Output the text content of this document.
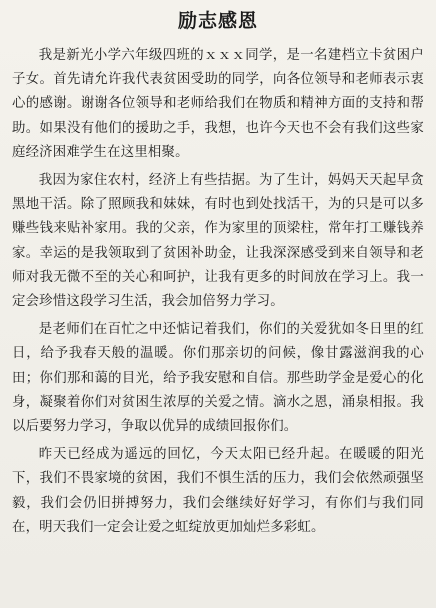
励志感恩

我是新光小学六年级四班的ｘｘｘ同学，是一名建档立卡贫困户子女。首先请允许我代表贫困受助的同学，向各位领导和老师表示衷心的感谢。谢谢各位领导和老师给我们在物质和精神方面的支持和帮助。如果没有他们的援助之手，我想，也许今天也不会有我们这些家庭经济困难学生在这里相聚。

我因为家住农村，经济上有些拮据。为了生计，妈妈天天起早贪黑地干活。除了照顾我和妹妹，有时也到处找活干，为的只是可以多赚些钱来贴补家用。我的父亲，作为家里的顶梁柱，常年打工赚钱养家。幸运的是我领取到了贫困补助金，让我深深感受到来自领导和老师对我无微不至的关心和呵护，让我有更多的时间放在学习上。我一定会珍惜这段学习生活，我会加倍努力学习。

是老师们在百忙之中还惦记着我们，你们的关爱犹如冬日里的红日，给予我春天般的温暖。你们那亲切的问候，像甘露滋润我的心田；你们那和蔼的目光，给予我安慰和自信。那些助学金是爱心的化身，凝聚着你们对贫困生浓厚的关爱之情。滴水之恩，涌泉相报。我以后要努力学习，争取以优异的成绩回报你们。

昨天已经成为遥远的回忆，今天太阳已经升起。在暖暖的阳光下，我们不畏家境的贫困，我们不惧生活的压力，我们会依然顽强坚毅，我们会仍旧拼搏努力，我们会继续好好学习，有你们与我们同在，明天我们一定会让爱之虹绽放更加灿烂多彩虹。
